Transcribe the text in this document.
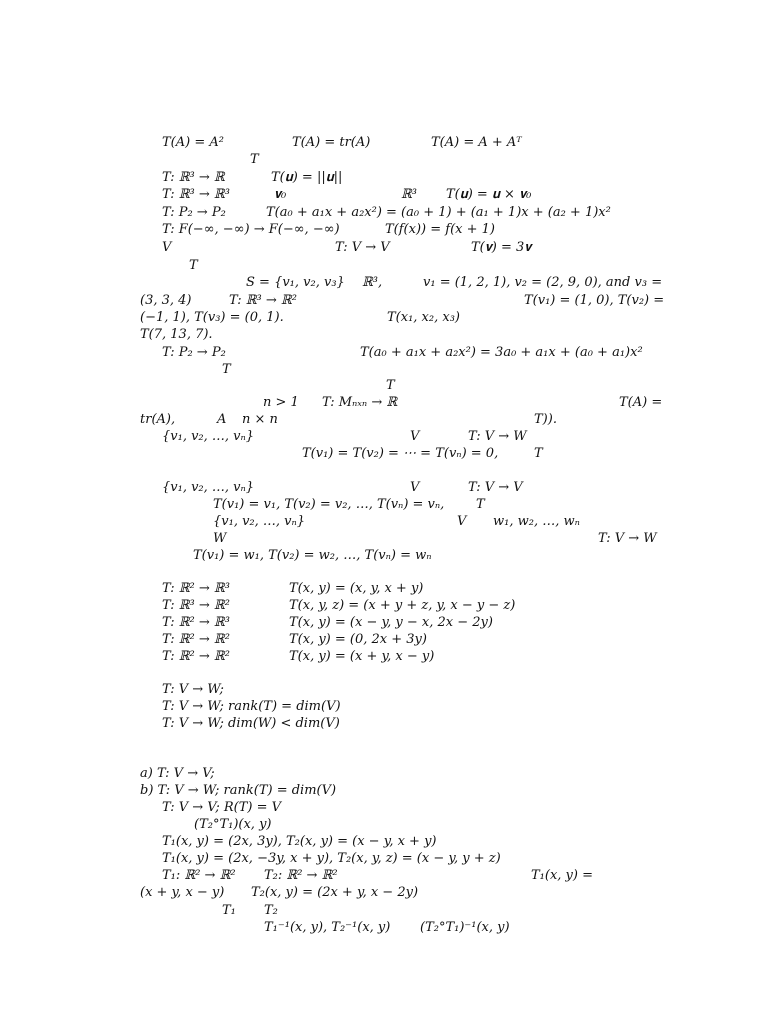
T(A) = A²	T(A) = tr(A)	T(A) = A + Aᵀ
T
T: ℝ³ → ℝ	T(𝐮) = ||𝐮||
T: ℝ³ → ℝ³	𝐯₀	ℝ³ T(𝐮) = 𝐮 × 𝐯₀
T: P₂ → P₂	T(a₀ + a₁x + a₂x²) = (a₀ + 1) + (a₁ + 1)x + (a₂ + 1)x²
T: F(−∞, −∞) → F(−∞, −∞)	T(f(x)) = f(x + 1)
V	T: V → V	T(𝐯) = 3𝐯
T
S = {v₁, v₂, v₃} ℝ³,	v₁ = (1, 2, 1), v₂ = (2, 9, 0), and v₃ =
(3, 3, 4)	T: ℝ³ → ℝ²	T(v₁) = (1, 0), T(v₂) =
(−1, 1), T(v₃) = (0, 1).	T(x₁, x₂, x₃)
T(7, 13, 7).
T: P₂ → P₂	T(a₀ + a₁x + a₂x²) = 3a₀ + a₁x + (a₀ + a₁)x²
T
T
n > 1 T: Mₙₓₙ → ℝ	T(A) =
tr(A),	A n × n	T)).
{v₁, v₂, …, vₙ}	V	T: V → W
T(v₁) = T(v₂) = ⋯ = T(vₙ) = 0,	T
{v₁, v₂, …, vₙ}	V	T: V → V
T(v₁) = v₁, T(v₂) = v₂, …, T(vₙ) = vₙ, T
{v₁, v₂, …, vₙ}	V w₁, w₂, …, wₙ
W	T: V → W
T(v₁) = w₁, T(v₂) = w₂, …, T(vₙ) = wₙ
T: ℝ² → ℝ³	T(x, y) = (x, y, x + y)
T: ℝ³ → ℝ²	T(x, y, z) = (x + y + z, y, x − y − z)
T: ℝ² → ℝ³	T(x, y) = (x − y, y − x, 2x − 2y)
T: ℝ² → ℝ²	T(x, y) = (0, 2x + 3y)
T: ℝ² → ℝ²	T(x, y) = (x + y, x − y)
T: V → W;
T: V → W; rank(T) = dim(V)
T: V → W; dim(W) < dim(V)
a) T: V → V;
b) T: V → W; rank(T) = dim(V)
T: V → V; R(T) = V
(T₂°T₁)(x, y)
T₁(x, y) = (2x, 3y), T₂(x, y) = (x − y, x + y)
T₁(x, y) = (2x, −3y, x + y), T₂(x, y, z) = (x − y, y + z)
T₁: ℝ² → ℝ² T₂: ℝ² → ℝ²	T₁(x, y) =
(x + y, x − y) T₂(x, y) = (2x + y, x − 2y)
T₁ T₂
T₁⁻¹(x, y), T₂⁻¹(x, y) (T₂°T₁)⁻¹(x, y)
